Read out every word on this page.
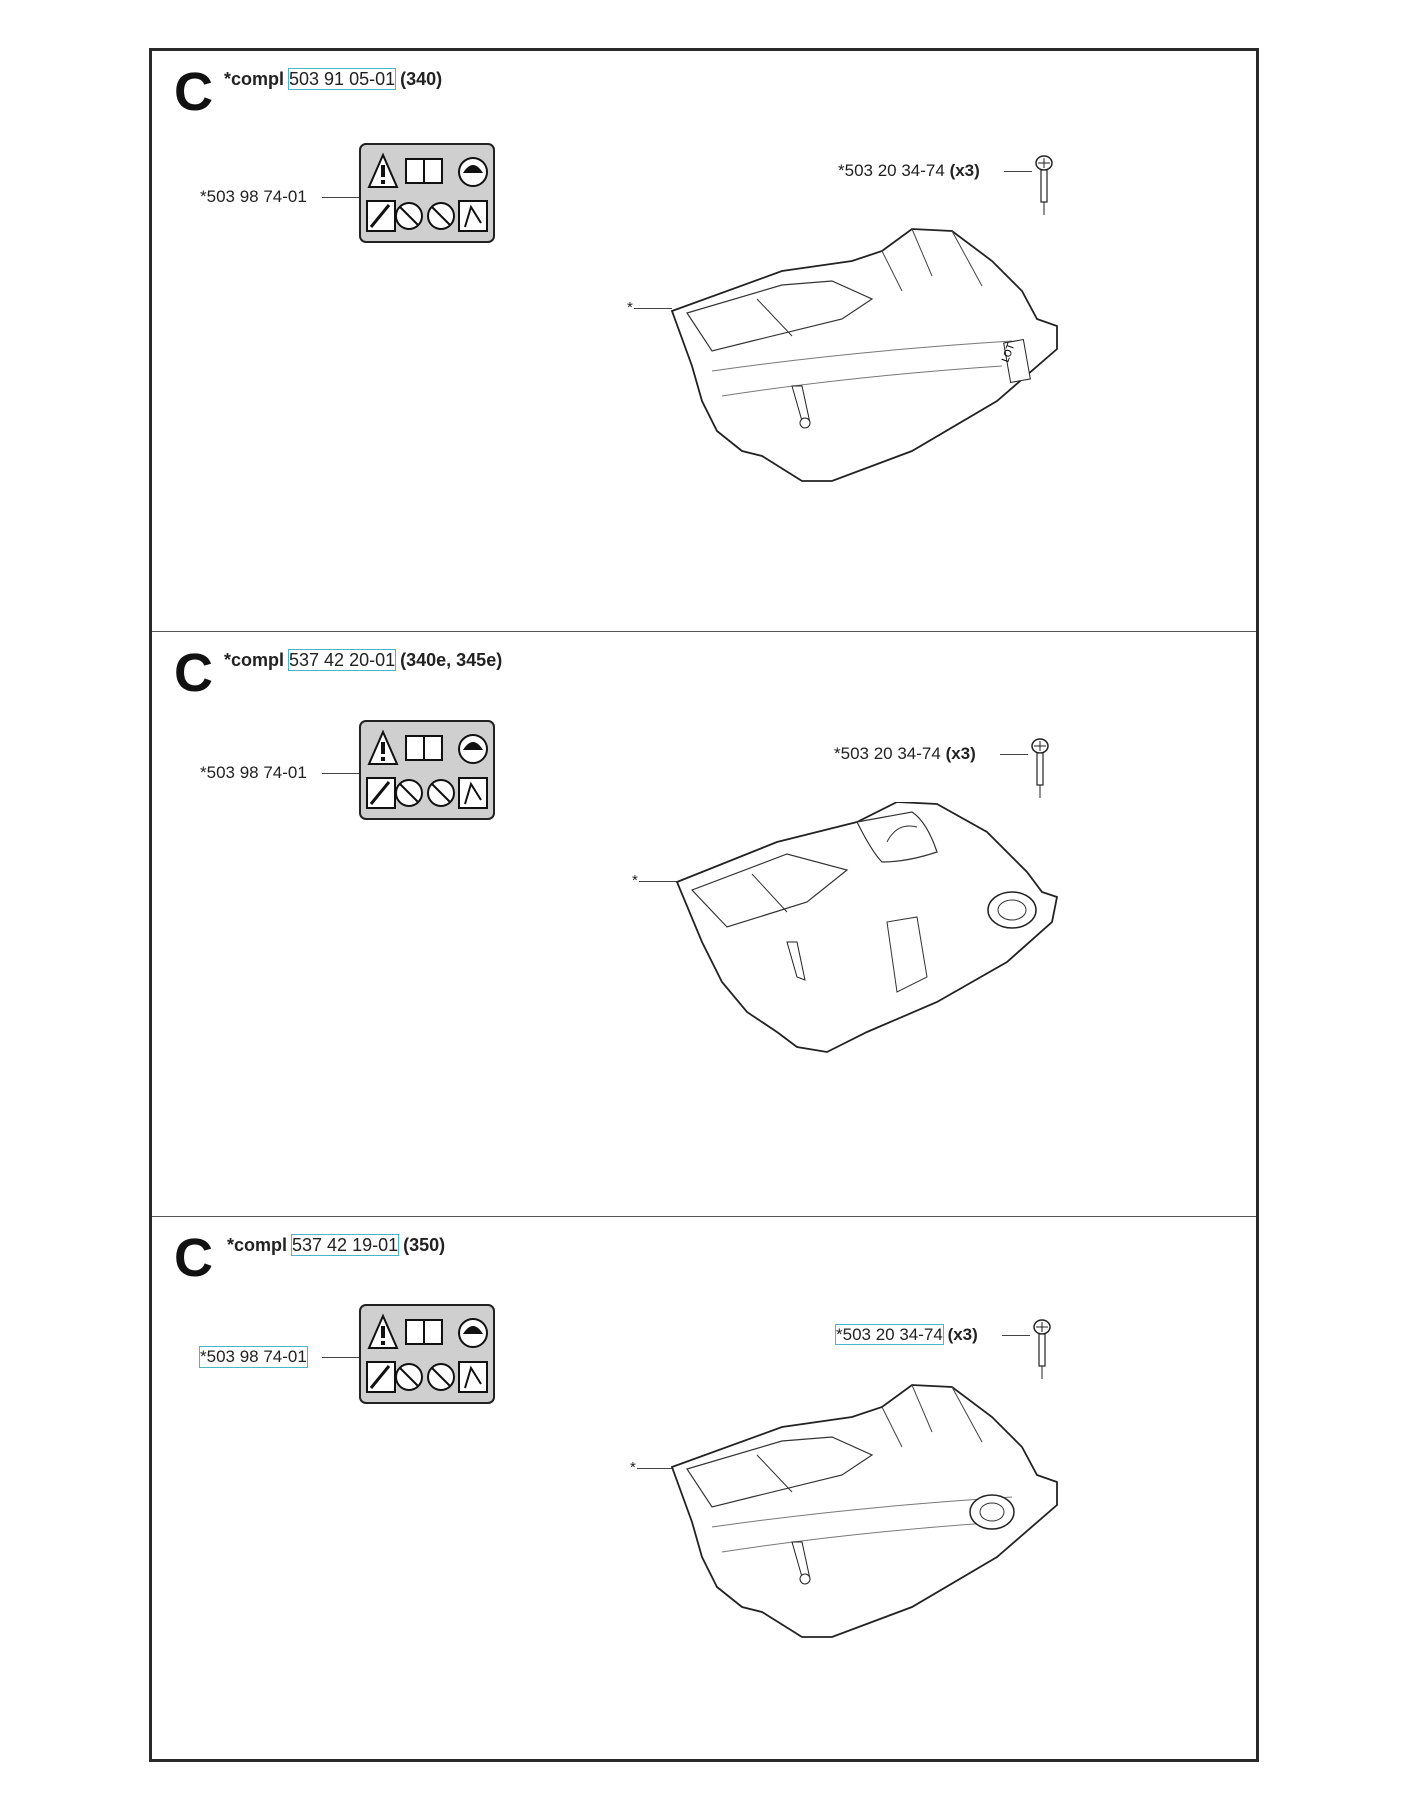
C *compl 503 91 05-01 (340)
*503 98 74-01
*503 20 34-74 (x3)
*
LOT
C *compl 537 42 20-01 (340e, 345e)
*503 98 74-01
*503 20 34-74 (x3)
*
C *compl 537 42 19-01 (350)
*503 98 74-01
*503 20 34-74 (x3)
*
